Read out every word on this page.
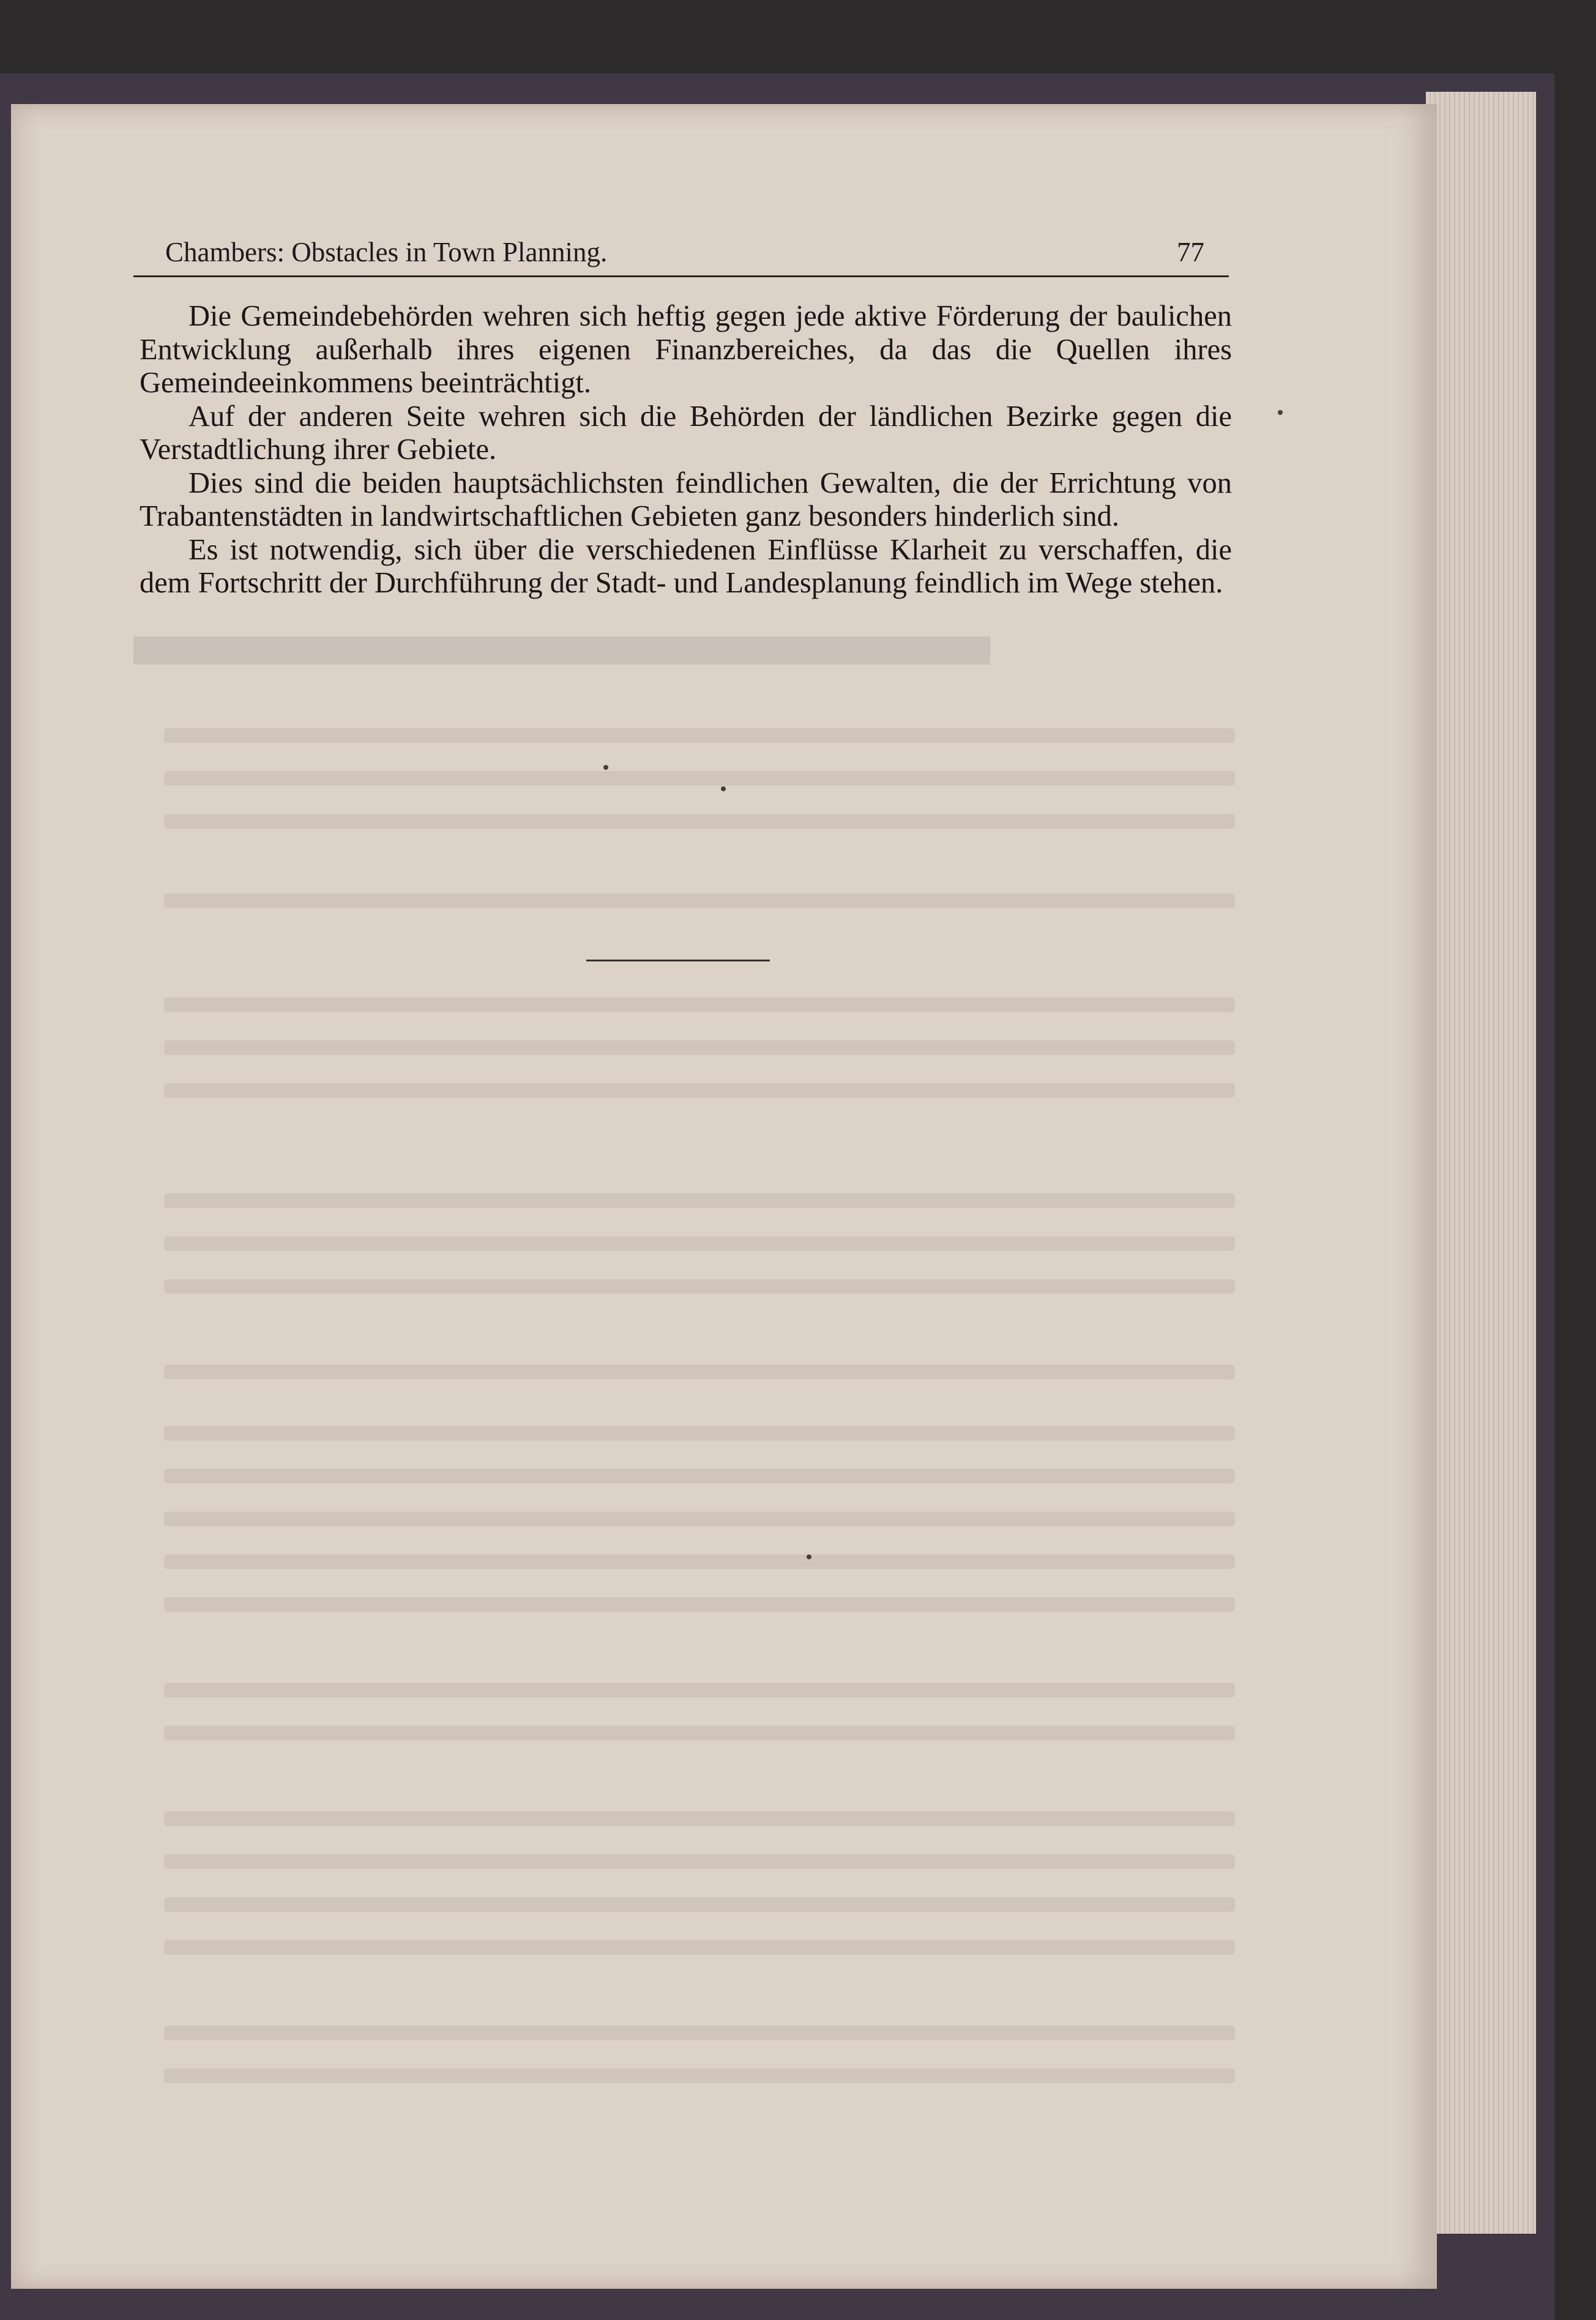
Chambers: Obstacles in Town Planning.	77

Die Gemeindebehörden wehren sich heftig gegen jede aktive Förderung der baulichen Entwicklung außerhalb ihres eigenen Finanzbereiches, da das die Quellen ihres Gemeindeeinkommens beeinträchtigt.

Auf der anderen Seite wehren sich die Behörden der ländlichen Bezirke gegen die Verstadtlichung ihrer Gebiete.

Dies sind die beiden hauptsächlichsten feindlichen Gewalten, die der Errichtung von Trabantenstädten in landwirtschaftlichen Gebieten ganz besonders hinderlich sind.

Es ist notwendig, sich über die verschiedenen Einflüsse Klarheit zu verschaffen, die dem Fortschritt der Durchführung der Stadt- und Landesplanung feindlich im Wege stehen.
